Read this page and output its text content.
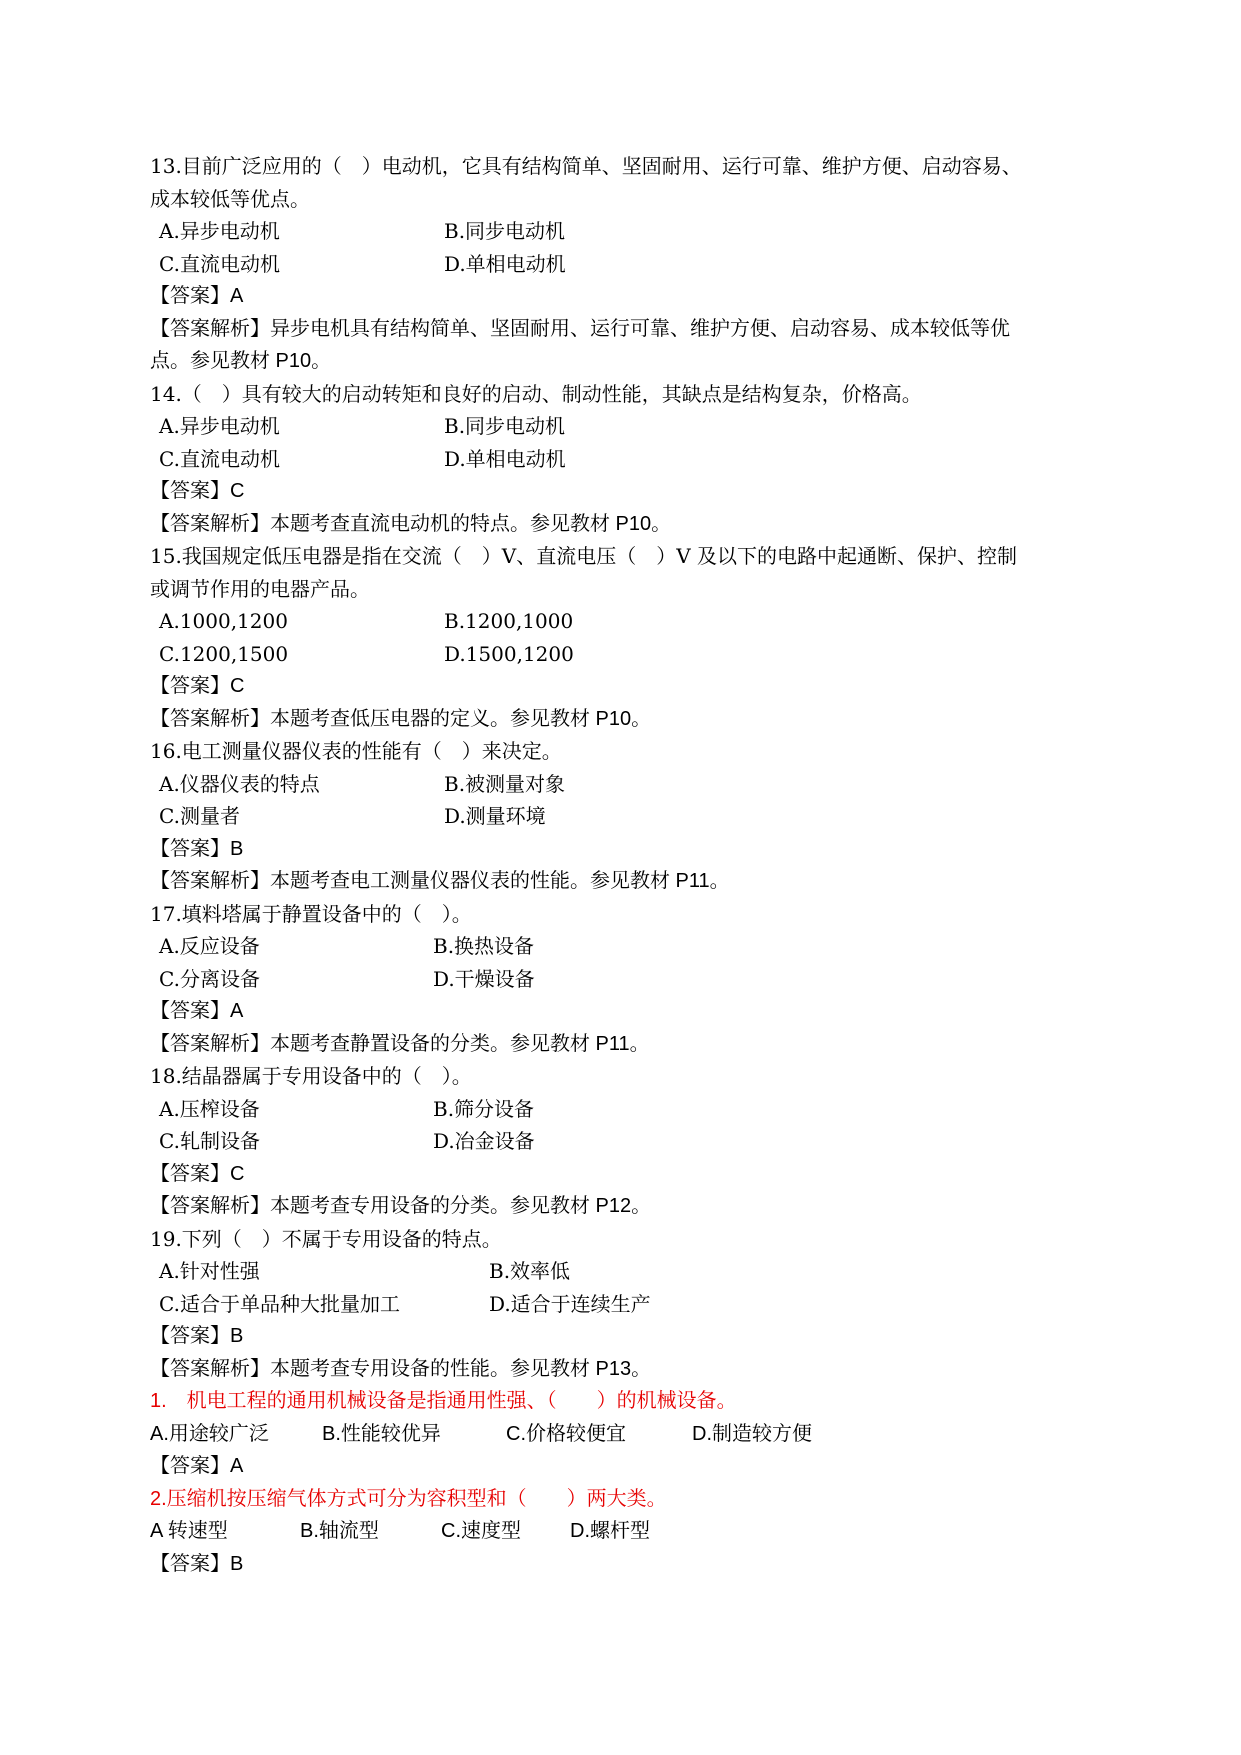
13.目前广泛应用的（　）电动机，它具有结构简单、坚固耐用、运行可靠、维护方便、启动容易、
成本较低等优点。
A.异步电动机	B.同步电动机
C.直流电动机	D.单相电动机
【答案】A
【答案解析】异步电机具有结构简单、坚固耐用、运行可靠、维护方便、启动容易、成本较低等优
点。参见教材 P10。
14.（　）具有较大的启动转矩和良好的启动、制动性能，其缺点是结构复杂，价格高。
A.异步电动机	B.同步电动机
C.直流电动机	D.单相电动机
【答案】C
【答案解析】本题考查直流电动机的特点。参见教材 P10。
15.我国规定低压电器是指在交流（　）V、直流电压（　）V 及以下的电路中起通断、保护、控制
或调节作用的电器产品。
A.1000,1200	B.1200,1000
C.1200,1500	D.1500,1200
【答案】C
【答案解析】本题考查低压电器的定义。参见教材 P10。
16.电工测量仪器仪表的性能有（　）来决定。
A.仪器仪表的特点	B.被测量对象
C.测量者	D.测量环境
【答案】B
【答案解析】本题考查电工测量仪器仪表的性能。参见教材 P11。
17.填料塔属于静置设备中的（　）。
A.反应设备	B.换热设备
C.分离设备	D.干燥设备
【答案】A
【答案解析】本题考查静置设备的分类。参见教材 P11。
18.结晶器属于专用设备中的（　）。
A.压榨设备	B.筛分设备
C.轧制设备	D.冶金设备
【答案】C
【答案解析】本题考查专用设备的分类。参见教材 P12。
19.下列（　）不属于专用设备的特点。
A.针对性强	B.效率低
C.适合于单品种大批量加工	D.适合于连续生产
【答案】B
【答案解析】本题考查专用设备的性能。参见教材 P13。
1.　机电工程的通用机械设备是指通用性强、（　　）的机械设备。
A.用途较广泛	B.性能较优异	C.价格较便宜	D.制造较方便
【答案】A
2.压缩机按压缩气体方式可分为容积型和（　　）两大类。
A 转速型	B.轴流型	C.速度型	D.螺杆型
【答案】B
